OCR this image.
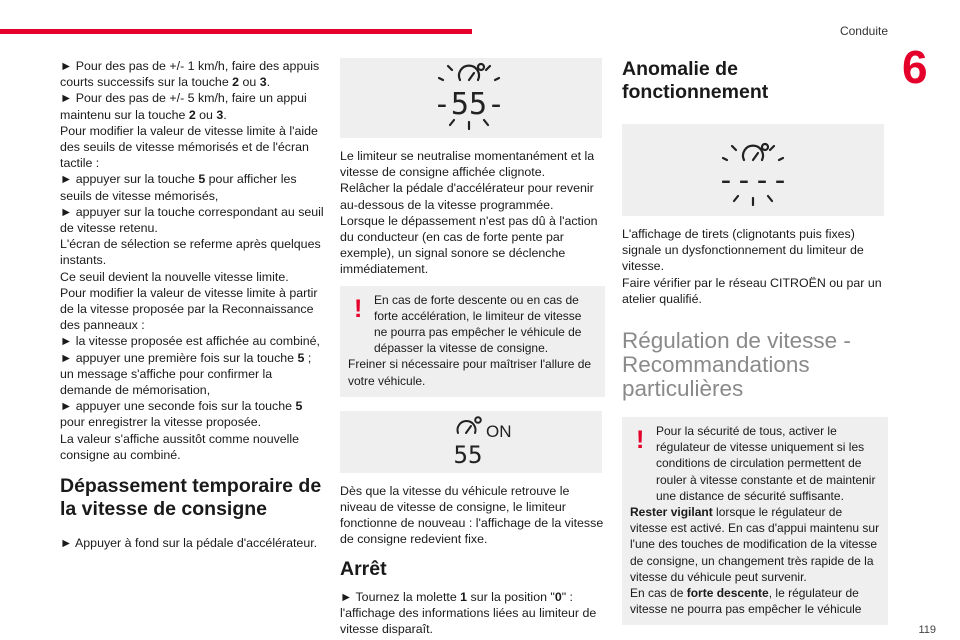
Conduite
6
119

► Pour des pas de +/- 1 km/h, faire des appuis courts successifs sur la touche 2 ou 3.

► Pour des pas de +/- 5 km/h, faire un appui maintenu sur la touche 2 ou 3.

Pour modifier la valeur de vitesse limite à l'aide des seuils de vitesse mémorisés et de l'écran tactile :

► appuyer sur la touche 5 pour afficher les seuils de vitesse mémorisés,

► appuyer sur la touche correspondant au seuil de vitesse retenu.

L'écran de sélection se referme après quelques instants.

Ce seuil devient la nouvelle vitesse limite.

Pour modifier la valeur de vitesse limite à partir de la vitesse proposée par la Reconnaissance des panneaux :

► la vitesse proposée est affichée au combiné,

► appuyer une première fois sur la touche 5 ; un message s'affiche pour confirmer la demande de mémorisation,

► appuyer une seconde fois sur la touche 5 pour enregistrer la vitesse proposée.

La valeur s'affiche aussitôt comme nouvelle consigne au combiné.

Dépassement temporaire de la vitesse de consigne

► Appuyer à fond sur la pédale d'accélérateur.

-55-

Le limiteur se neutralise momentanément et la vitesse de consigne affichée clignote.

Relâcher la pédale d'accélérateur pour revenir au-dessous de la vitesse programmée.

Lorsque le dépassement n'est pas dû à l'action du conducteur (en cas de forte pente par exemple), un signal sonore se déclenche immédiatement.

! En cas de forte descente ou en cas de forte accélération, le limiteur de vitesse ne pourra pas empêcher le véhicule de dépasser la vitesse de consigne.

Freiner si nécessaire pour maîtriser l'allure de votre véhicule.

ON
55

Dès que la vitesse du véhicule retrouve le niveau de vitesse de consigne, le limiteur fonctionne de nouveau : l'affichage de la vitesse de consigne redevient fixe.

Arrêt

► Tournez la molette 1 sur la position "0" : l'affichage des informations liées au limiteur de vitesse disparaît.

Anomalie de fonctionnement
----

L'affichage de tirets (clignotants puis fixes) signale un dysfonctionnement du limiteur de vitesse.

Faire vérifier par le réseau CITROËN ou par un atelier qualifié.

Régulation de vitesse - Recommandations particulières
! Pour la sécurité de tous, activer le régulateur de vitesse uniquement si les conditions de circulation permettent de rouler à vitesse constante et de maintenir une distance de sécurité suffisante.

Rester vigilant lorsque le régulateur de vitesse est activé. En cas d'appui maintenu sur l'une des touches de modification de la vitesse de consigne, un changement très rapide de la vitesse du véhicule peut survenir.

En cas de forte descente, le régulateur de vitesse ne pourra pas empêcher le véhicule
